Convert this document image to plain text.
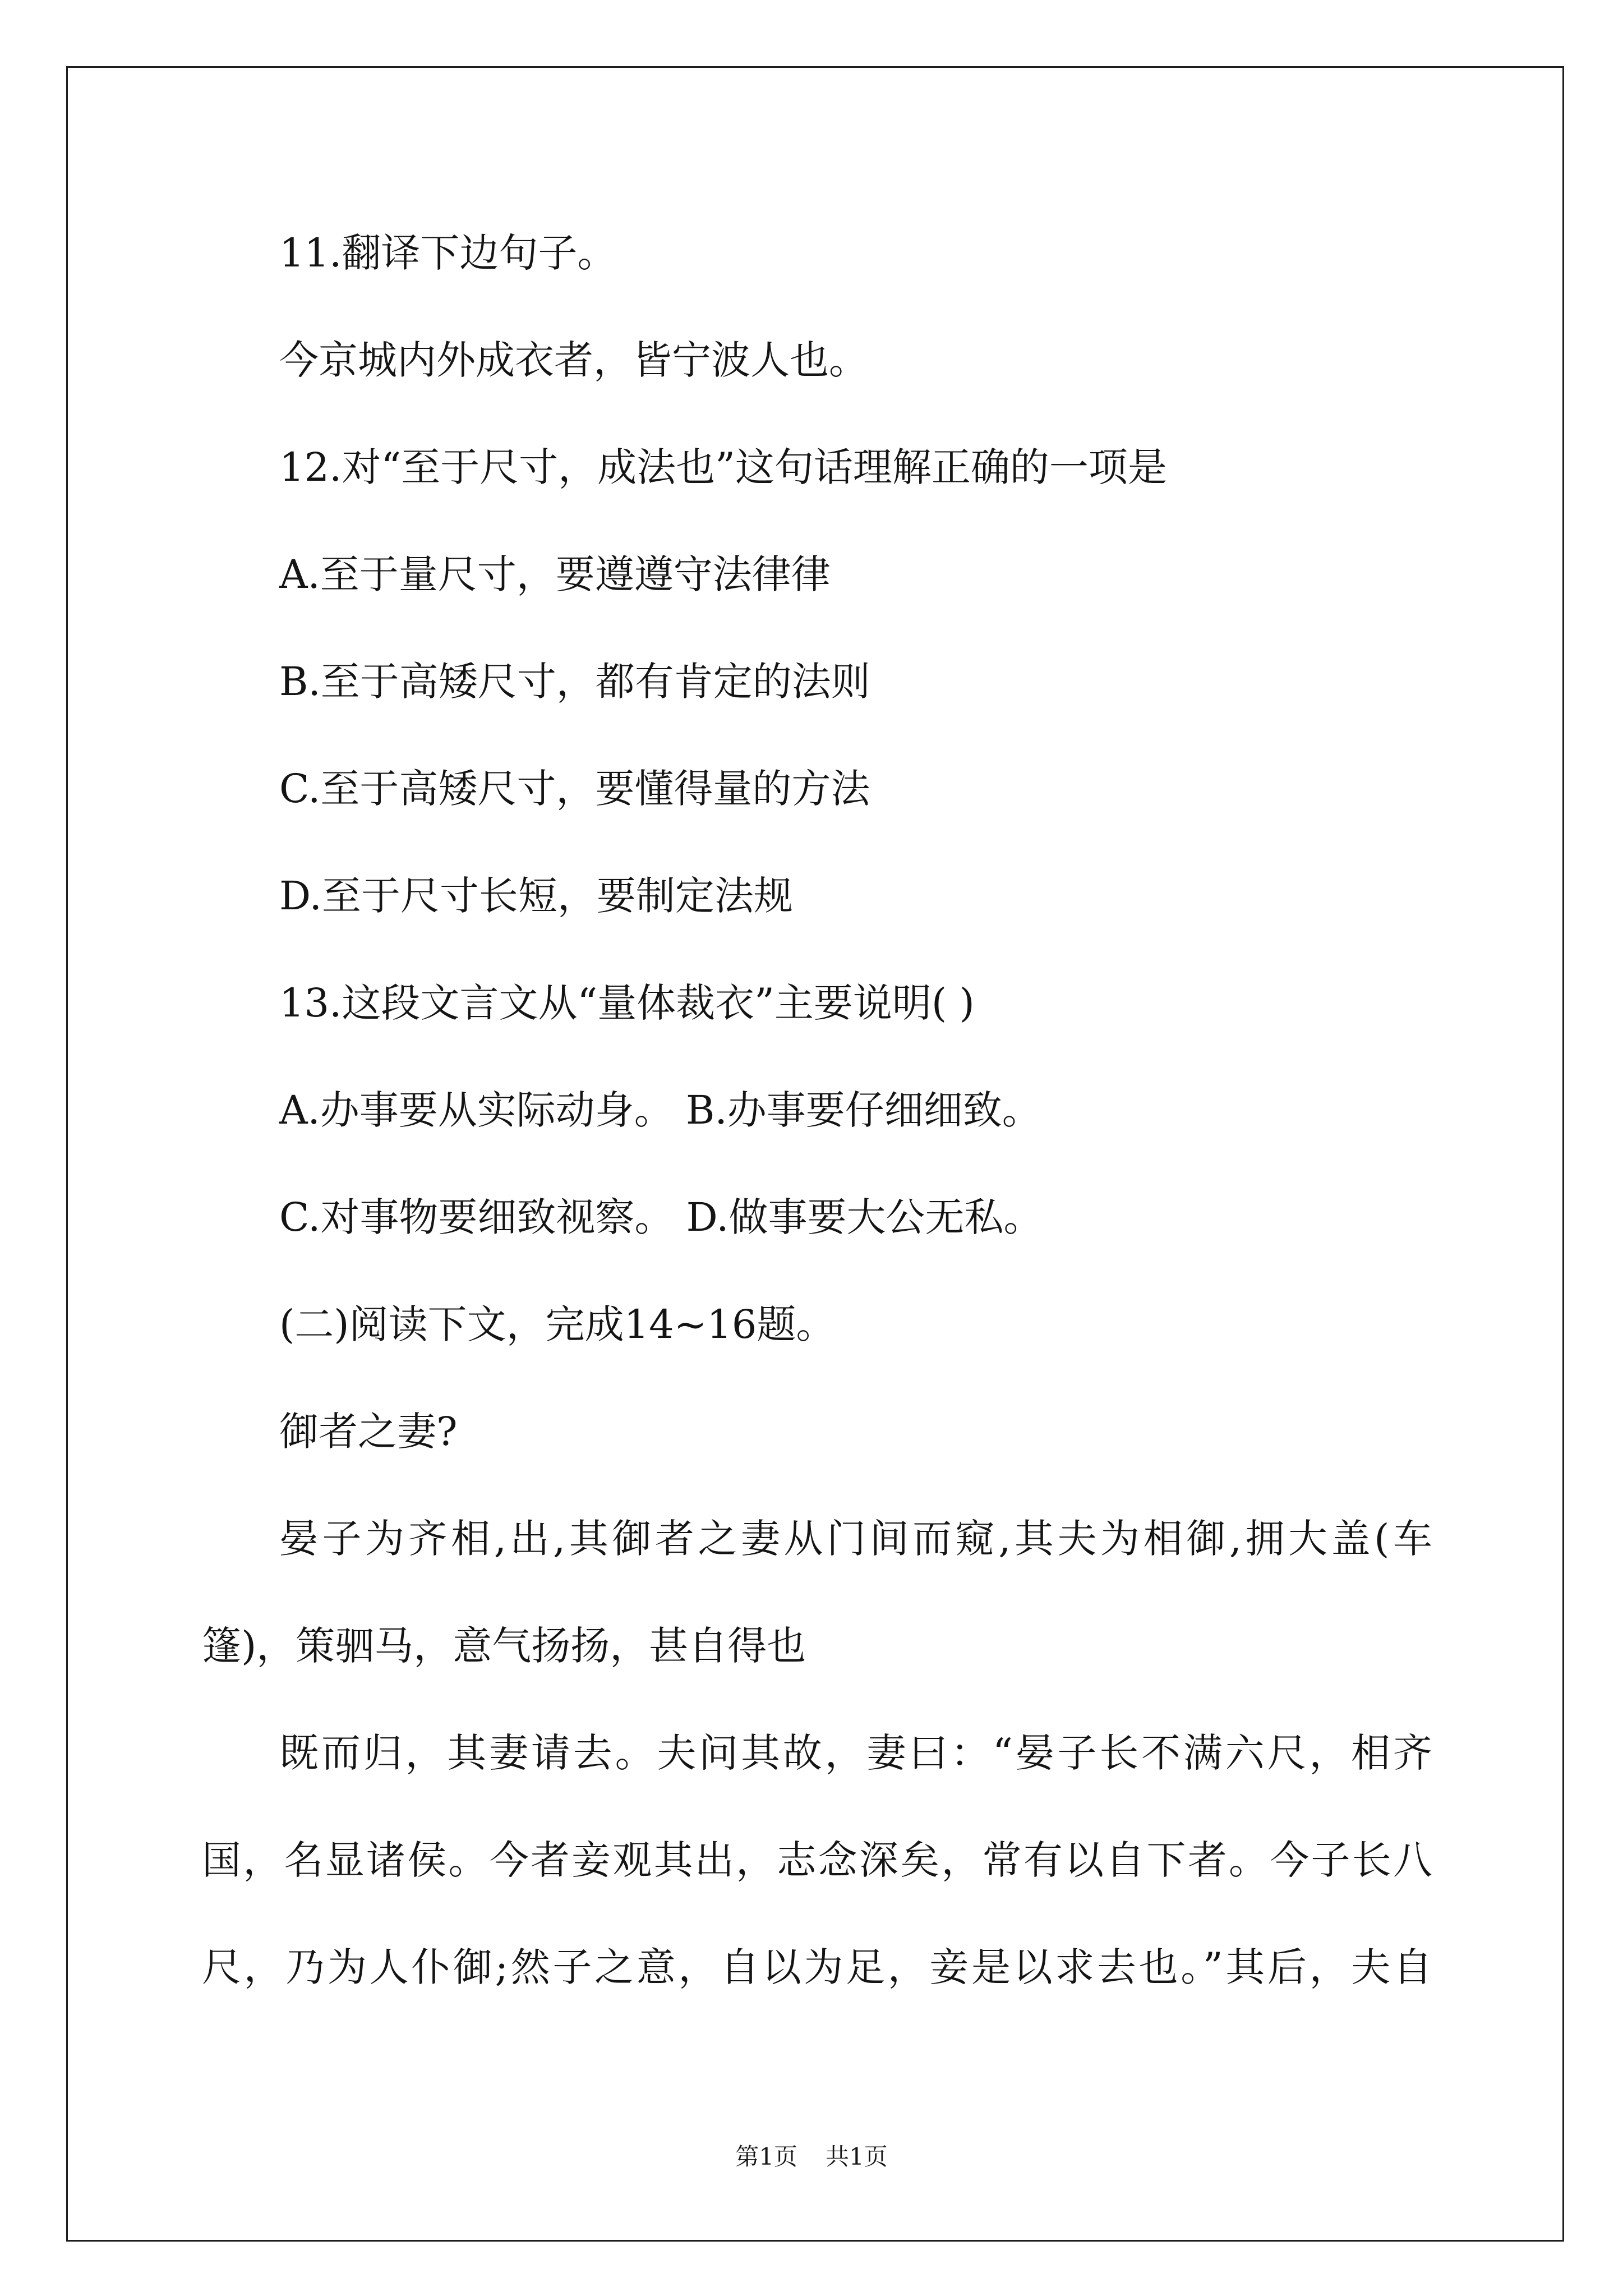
11.翻译下边句子。
今京城内外成衣者，皆宁波人也。
12.对“至于尺寸，成法也”这句话理解正确的一项是
A.至于量尺寸，要遵遵守法律律
B.至于高矮尺寸，都有肯定的法则
C.至于高矮尺寸，要懂得量的方法
D.至于尺寸长短，要制定法规
13.这段文言文从“量体裁衣”主要说明( )
A.办事要从实际动身。 B.办事要仔细细致。
C.对事物要细致视察。 D.做事要大公无私。
(二)阅读下文，完成14~16题。
御者之妻?
晏子为齐相,出,其御者之妻从门间而窥,其夫为相御,拥大盖(车
篷)，策驷马，意气扬扬，甚自得也
既而归，其妻请去。夫问其故，妻曰：“晏子长不满六尺，相齐
国，名显诸侯。今者妾观其出，志念深矣，常有以自下者。今子长八
尺，乃为人仆御;然子之意，自以为足，妾是以求去也。”其后，夫自
第1页 共1页
